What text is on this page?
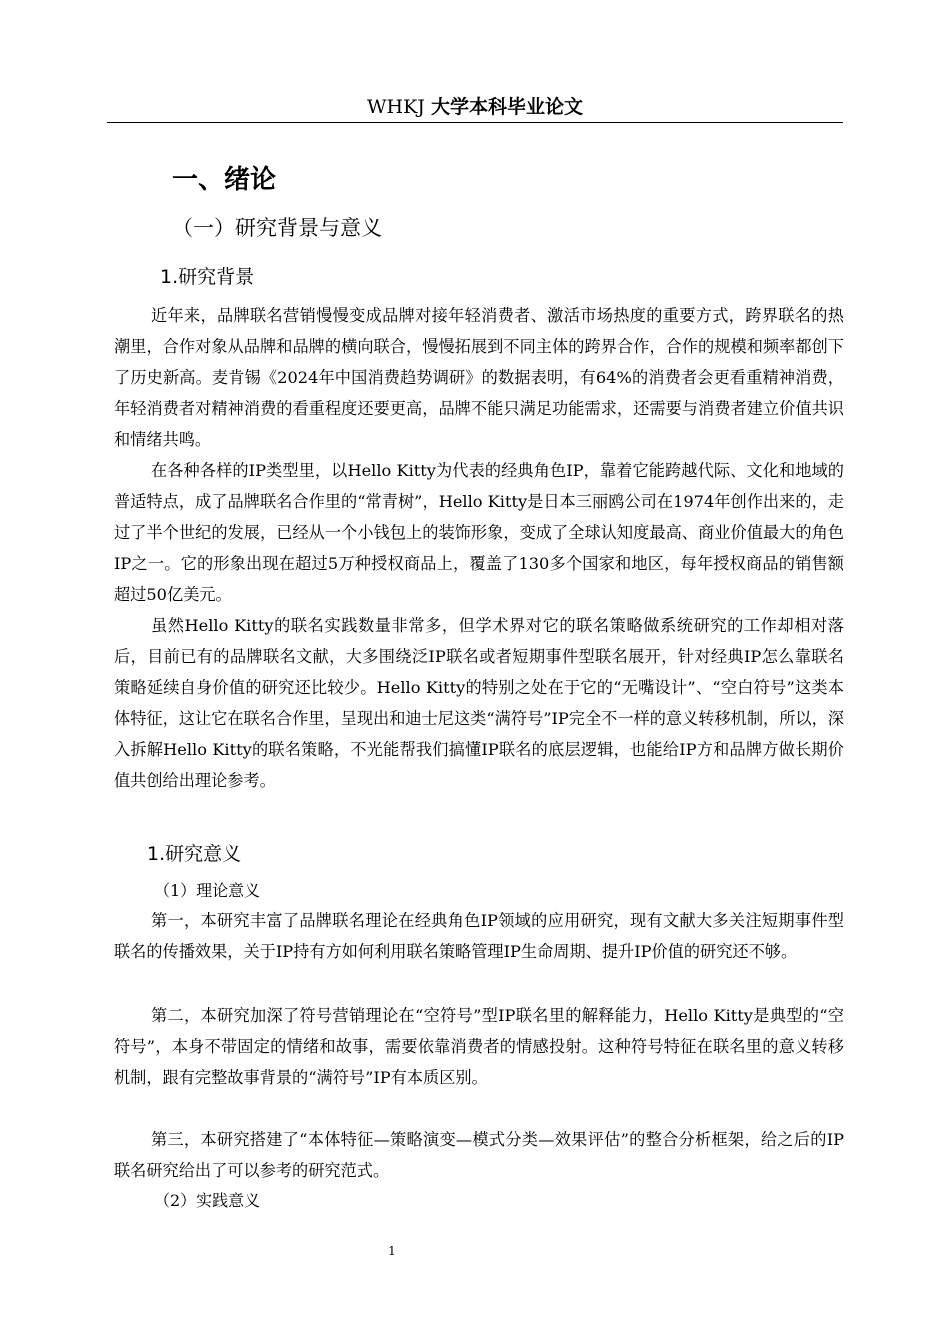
WHKJ 大学本科毕业论文
一、绪论
（一）研究背景与意义
1.研究背景

近年来，品牌联名营销慢慢变成品牌对接年轻消费者、激活市场热度的重要方式，跨界联名的热潮里，合作对象从品牌和品牌的横向联合，慢慢拓展到不同主体的跨界合作，合作的规模和频率都创下了历史新高。麦肯锡《2024年中国消费趋势调研》的数据表明，有64%的消费者会更看重精神消费，年轻消费者对精神消费的看重程度还要更高，品牌不能只满足功能需求，还需要与消费者建立价值共识和情绪共鸣。

在各种各样的IP类型里，以Hello Kitty为代表的经典角色IP，靠着它能跨越代际、文化和地域的普适特点，成了品牌联名合作里的“常青树”，Hello Kitty是日本三丽鸥公司在1974年创作出来的，走过了半个世纪的发展，已经从一个小钱包上的装饰形象，变成了全球认知度最高、商业价值最大的角色IP之一。它的形象出现在超过5万种授权商品上，覆盖了130多个国家和地区，每年授权商品的销售额超过50亿美元。

虽然Hello Kitty的联名实践数量非常多，但学术界对它的联名策略做系统研究的工作却相对落后，目前已有的品牌联名文献，大多围绕泛IP联名或者短期事件型联名展开，针对经典IP怎么靠联名策略延续自身价值的研究还比较少。Hello Kitty的特别之处在于它的“无嘴设计”、“空白符号”这类本体特征，这让它在联名合作里，呈现出和迪士尼这类“满符号”IP完全不一样的意义转移机制，所以，深入拆解Hello Kitty的联名策略，不光能帮我们搞懂IP联名的底层逻辑，也能给IP方和品牌方做长期价值共创给出理论参考。

1.研究意义
（1）理论意义

第一，本研究丰富了品牌联名理论在经典角色IP领域的应用研究，现有文献大多关注短期事件型联名的传播效果，关于IP持有方如何利用联名策略管理IP生命周期、提升IP价值的研究还不够。

第二，本研究加深了符号营销理论在“空符号”型IP联名里的解释能力，Hello Kitty是典型的“空符号”，本身不带固定的情绪和故事，需要依靠消费者的情感投射。这种符号特征在联名里的意义转移机制，跟有完整故事背景的“满符号”IP有本质区别。

第三，本研究搭建了“本体特征—策略演变—模式分类—效果评估”的整合分析框架，给之后的IP联名研究给出了可以参考的研究范式。

（2）实践意义
1
